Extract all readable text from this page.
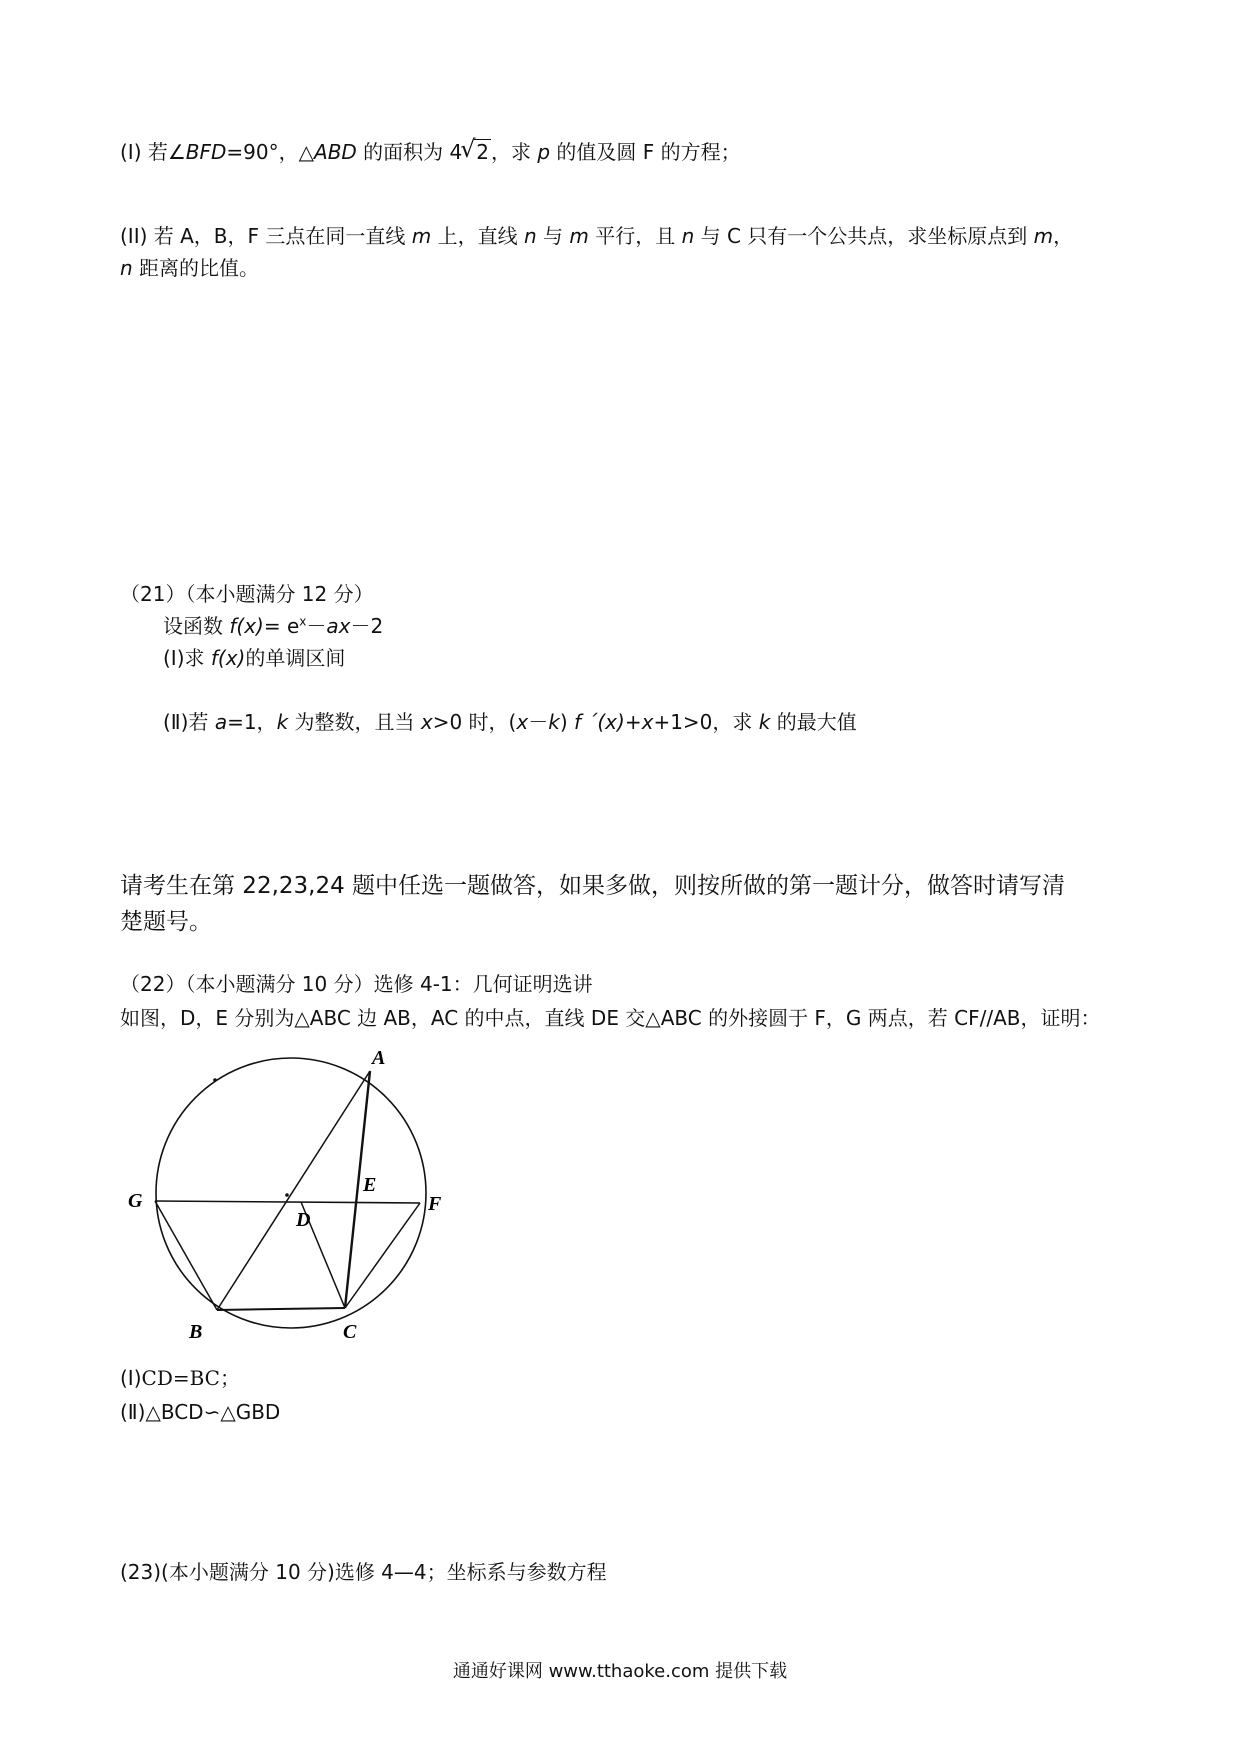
(I) 若∠BFD=90°，△ABD 的面积为 4
√ 2 ，求 p 的值及圆 F 的方程；
(II) 若 A，B，F 三点在同一直线 m 上，直线 n 与 m 平行，且 n 与 C 只有一个公共点，求坐标原点到 m，
n 距离的比值。
（21）（本小题满分 12 分）
设函数 $f(x)= e^x-ax-2$
(Ⅰ)求 f(x)的单调区间
(Ⅱ)若 a=1，k 为整数，且当 x>0 时，(x－k) f ´(x)+x+1>0，求 k 的最大值
请考生在第 22,23,24 题中任选一题做答，如果多做，则按所做的第一题计分，做答时请写清
楚题号。
（22）（本小题满分 10 分）选修 4-1：几何证明选讲
如图，D，E 分别为△ABC 边 AB，AC 的中点，直线 DE 交△ABC 的外接圆于 F，G 两点，若 CF//AB，证明：
A
B	C
D
E
F
G
(Ⅰ)CD=BC；
(Ⅱ)△BCD∽△GBD
(23)(本小题满分 10 分)选修 4—4；坐标系与参数方程
通通好课网 www.tthaoke.com 提供下载
